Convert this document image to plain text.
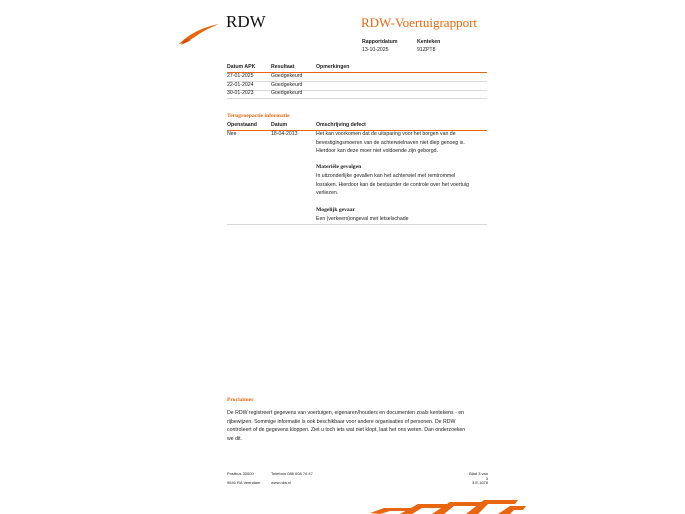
RDW	RDW-Voertuigrapport
Rapportdatum
13-10-2025
Kenteken
91ZPT8
Datum APK	Resultaat	Opmerkingen
27-01-2025	Goedgekeurd
22-01-2024	Goedgekeurd
30-01-2023	Goedgekeurd
Terugroepactie informatie
Openstaand	Datum	Omschrijving defect
Nee	18-04-2013	Het kan voorkomen dat de uitsparing voor het borgen van de
bevestigingsmoeren van de achterwielnaven niet diep genoeg is.
Hierdoor kan deze moer niet voldoende zijn geborgd.
Materiële gevolgen
In uitzonderlijke gevallen kan het achterwiel met remtrommel
losraken. Hierdoor kan de bestuurder de controle over het voertuig
verliezen.
Mogelijk gevaar
Een (verkeers)ongeval met letselschade
Proclaimer
De RDW registreert gegevens van voertuigen, eigenaren/houders en documenten zoals kentekens - en
rijbewijzen. Sommige informatie is ook beschikbaar voor andere organisaties of personen. De RDW
controleert of de gegevens kloppen. Ziet u toch iets wat niet klopt, laat het ons weten. Dan onderzoeken
we dit.
Postbus 30000
9640 RA Veendam
Telefoon 088 008 74 47
www.rdw.nl
Blad 3 van 3
3.E.1678
